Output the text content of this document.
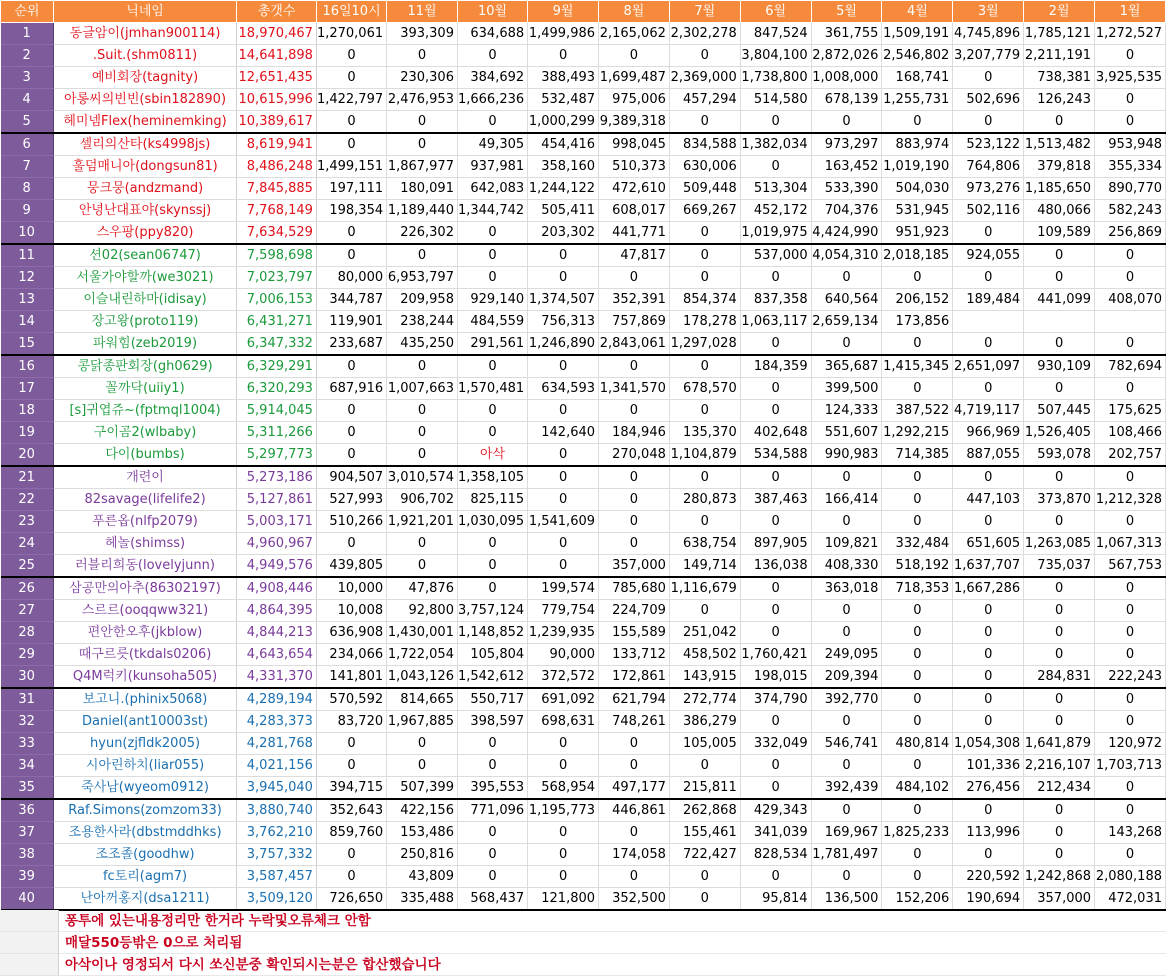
순위	닉네임	총갯수	16일10시	11월	10월	9월	8월	7월	6월	5월	4월	3월	2월	1월
1	동글암이(jmhan900114)	18,970,467	1,270,061	393,309	634,688	1,499,986	2,165,062	2,302,278	847,524	361,755	1,509,191	4,745,896	1,785,121	1,272,527
2	.Suit.(shm0811)	14,641,898	0	0	0	0	0	0	3,804,100	2,872,026	2,546,802	3,207,779	2,211,191	0
3	예비회장(tagnity)	12,651,435	0	230,306	384,692	388,493	1,699,487	2,369,000	1,738,800	1,008,000	168,741	0	738,381	3,925,535
4	아롱씨의빈빈(sbin182890)	10,615,996	1,422,797	2,476,953	1,666,236	532,487	975,006	457,294	514,580	678,139	1,255,731	502,696	126,243	0
5	헤미넴Flex(heminemking)	10,389,617	0	0	0	1,000,299	9,389,318	0	0	0	0	0	0	0
6	셀리의산타(ks4998js)	8,619,941	0	0	49,305	454,416	998,045	834,588	1,382,034	973,297	883,974	523,122	1,513,482	953,948
7	훌덤매니아(dongsun81)	8,486,248	1,499,151	1,867,977	937,981	358,160	510,373	630,006	0	163,452	1,019,190	764,806	379,818	355,334
8	뭉크뭉(andzmand)	7,845,885	197,111	180,091	642,083	1,244,122	472,610	509,448	513,304	533,390	504,030	973,276	1,185,650	890,770
9	안녕난대표야(skynssj)	7,768,149	198,354	1,189,440	1,344,742	505,411	608,017	669,267	452,172	704,376	531,945	502,116	480,066	582,243
10	스우팡(ppy820)	7,634,529	0	226,302	0	203,302	441,771	0	1,019,975	4,424,990	951,923	0	109,589	256,869
11	션02(sean06747)	7,598,698	0	0	0	0	47,817	0	537,000	4,054,310	2,018,185	924,055	0	0
12	서울가야할까(we3021)	7,023,797	80,000	6,953,797	0	0	0	0	0	0	0	0	0	0
13	이슬내린하마(idisay)	7,006,153	344,787	209,958	929,140	1,374,507	352,391	854,374	837,358	640,564	206,152	189,484	441,099	408,070
14	장고왕(proto119)	6,431,271	119,901	238,244	484,559	756,313	757,869	178,278	1,063,117	2,659,134	173,856			
15	파워힘(zeb2019)	6,347,332	233,687	435,250	291,561	1,246,890	2,843,061	1,297,028	0	0	0	0	0	0
16	콩닭종판회장(gh0629)	6,329,291	0	0	0	0	0	0	184,359	365,687	1,415,345	2,651,097	930,109	782,694
17	꼴까닥(uiiy1)	6,320,293	687,916	1,007,663	1,570,481	634,593	1,341,570	678,570	0	399,500	0	0	0	0
18	[s]귀엽쥬~(fptmql1004)	5,914,045	0	0	0	0	0	0	0	124,333	387,522	4,719,117	507,445	175,625
19	구이곰2(wlbaby)	5,311,266	0	0	0	142,640	184,946	135,370	402,648	551,607	1,292,215	966,969	1,526,405	108,466
20	다이(bumbs)	5,297,773	0	0	아삭	0	270,048	1,104,879	534,588	990,983	714,385	887,055	593,078	202,757
21	개련이	5,273,186	904,507	3,010,574	1,358,105	0	0	0	0	0	0	0	0	0
22	82savage(lifelife2)	5,127,861	527,993	906,702	825,115	0	0	280,873	387,463	166,414	0	447,103	373,870	1,212,328
23	푸른옵(nlfp2079)	5,003,171	510,266	1,921,201	1,030,095	1,541,609	0	0	0	0	0	0	0	0
24	헤놀(shimss)	4,960,967	0	0	0	0	0	638,754	897,905	109,821	332,484	651,605	1,263,085	1,067,313
25	러블리희동(lovelyjunn)	4,949,576	439,805	0	0	0	357,000	149,714	136,038	408,330	518,192	1,637,707	735,037	567,753
26	삼공만의아추(86302197)	4,908,446	10,000	47,876	0	199,574	785,680	1,116,679	0	363,018	718,353	1,667,286	0	0
27	스르르(ooqqww321)	4,864,395	10,008	92,800	3,757,124	779,754	224,709	0	0	0	0	0	0	0
28	편안한오후(jkblow)	4,844,213	636,908	1,430,001	1,148,852	1,239,935	155,589	251,042	0	0	0	0	0	0
29	때구르릇(tkdals0206)	4,643,654	234,066	1,722,054	105,804	90,000	133,712	458,502	1,760,421	249,095	0	0	0	0
30	Q4M럭키(kunsoha505)	4,331,370	141,801	1,043,126	1,542,612	372,572	172,861	143,915	198,015	209,394	0	0	284,831	222,243
31	보고니.(phinix5068)	4,289,194	570,592	814,665	550,717	691,092	621,794	272,774	374,790	392,770	0	0	0	0
32	Daniel(ant10003st)	4,283,373	83,720	1,967,885	398,597	698,631	748,261	386,279	0	0	0	0	0	0
33	hyun(zjfldk2005)	4,281,768	0	0	0	0	0	105,005	332,049	546,741	480,814	1,054,308	1,641,879	120,972
34	시아린하치(liar055)	4,021,156	0	0	0	0	0	0	0	0	0	101,336	2,216,107	1,703,713
35	죽사남(wyeom0912)	3,945,040	394,715	507,399	395,553	568,954	497,177	215,811	0	392,439	484,102	276,456	212,434	0
36	Raf.Simons(zomzom33)	3,880,740	352,643	422,156	771,096	1,195,773	446,861	262,868	429,343	0	0	0	0	0
37	조용한사라(dbstmddhks)	3,762,210	859,760	153,486	0	0	0	155,461	341,039	169,967	1,825,233	113,996	0	143,268
38	조조졸(goodhw)	3,757,332	0	250,816	0	0	174,058	722,427	828,534	1,781,497	0	0	0	0
39	fc토리(agm7)	3,587,457	0	43,809	0	0	0	0	0	0	0	220,592	1,242,868	2,080,188
40	난아꺼홍지(dsa1211)	3,509,120	726,650	335,488	568,437	121,800	352,500	0	95,814	136,500	152,206	190,694	357,000	472,031
퐁투에 있는내용정리만 한거라 누락및오류체크 안함
매달550등밖은 0으로 처리됨
아삭이나 영정되서 다시 쏘신분중 확인되시는분은 합산했습니다
